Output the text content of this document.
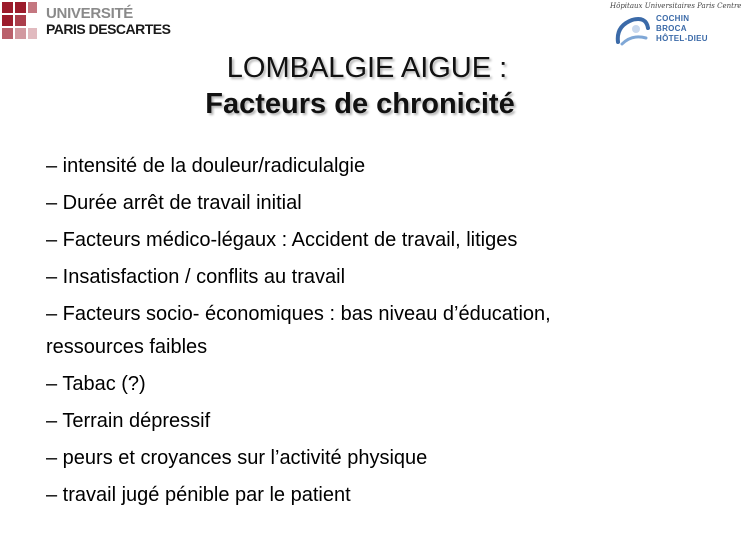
UNIVERSITÉ
PARIS DESCARTES
Hôpitaux Universitaires Paris Centre
COCHIN
BROCA
HÔTEL-DIEU
LOMBALGIE AIGUE :
Facteurs de chronicité
– intensité de la douleur/radiculalgie
– Durée arrêt de travail initial
– Facteurs médico-légaux : Accident de travail, litiges
– Insatisfaction / conflits au travail
– Facteurs socio- économiques : bas niveau d’éducation,
ressources faibles
– Tabac (?)
– Terrain dépressif
– peurs et croyances sur l’activité physique
– travail jugé pénible par le patient
